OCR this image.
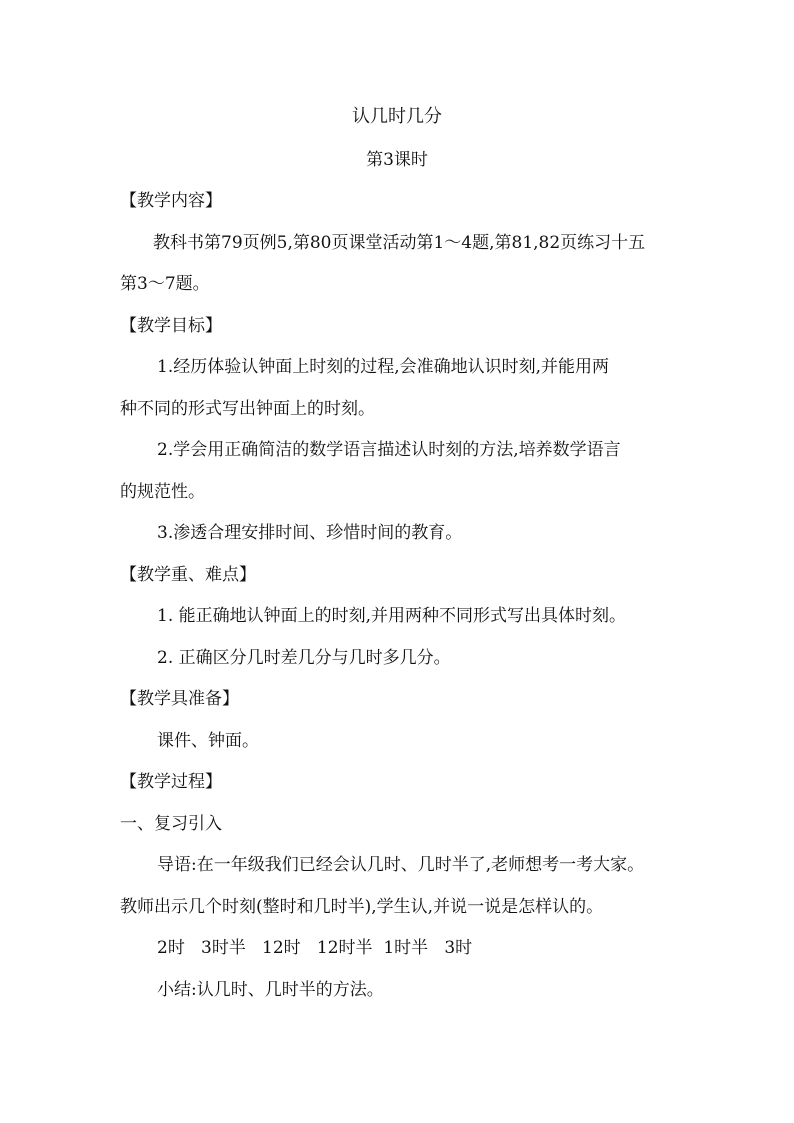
认几时几分
第3课时
【教学内容】
教科书第79页例5,第80页课堂活动第1～4题,第81,82页练习十五
第3～7题。
【教学目标】
1.经历体验认钟面上时刻的过程,会准确地认识时刻,并能用两
种不同的形式写出钟面上的时刻。
2.学会用正确简洁的数学语言描述认时刻的方法,培养数学语言
的规范性。
3.渗透合理安排时间、珍惜时间的教育。
【教学重、难点】
1. 能正确地认钟面上的时刻,并用两种不同形式写出具体时刻。
2. 正确区分几时差几分与几时多几分。
【教学具准备】
课件、钟面。
【教学过程】
一、复习引入
导语:在一年级我们已经会认几时、几时半了,老师想考一考大家。
教师出示几个时刻(整时和几时半),学生认,并说一说是怎样认的。
2时   3时半   12时   12时半  1时半   3时
小结:认几时、几时半的方法。
